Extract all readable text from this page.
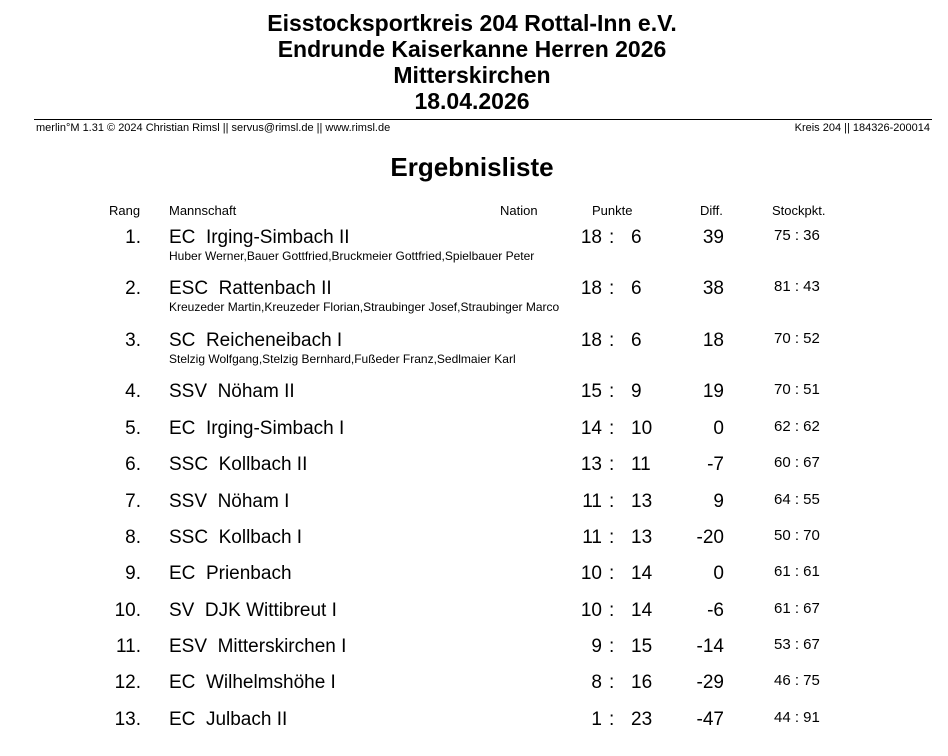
Eisstocksportkreis 204 Rottal-Inn e.V.
Endrunde Kaiserkanne Herren 2026
Mitterskirchen
18.04.2026
merlin°M 1.31 © 2024 Christian Rimsl || servus@rimsl.de || www.rimsl.de	Kreis 204 || 184326-200014
Ergebnisliste
Rang Mannschaft	Nation	Punkte	Diff.	Stockpkt.
1. EC  Irging-Simbach II
Huber Werner,Bauer Gottfried,Bruckmeier Gottfried,Spielbauer Peter
18 : 6	39	75 : 36
2. ESC  Rattenbach II
Kreuzeder Martin,Kreuzeder Florian,Straubinger Josef,Straubinger Marco
18 : 6	38	81 : 43
3. SC  Reicheneibach I
Stelzig Wolfgang,Stelzig Bernhard,Fußeder Franz,Sedlmaier Karl
18 : 6	18	70 : 52
4. SSV  Nöham II	15 : 9	19	70 : 51
5. EC  Irging-Simbach I	14 : 10	0	62 : 62
6. SSC  Kollbach II	13 : 11	-7	60 : 67
7. SSV  Nöham I	11 : 13	9	64 : 55
8. SSC  Kollbach I	11 : 13 -20	50 : 70
9. EC  Prienbach	10 : 14	0	61 : 61
10. SV  DJK Wittibreut I	10 : 14	-6	61 : 67
11. ESV  Mitterskirchen I	9 : 15 -14	53 : 67
12. EC  Wilhelmshöhe I	8 : 16 -29	46 : 75
13. EC  Julbach II	1 : 23 -47	44 : 91
